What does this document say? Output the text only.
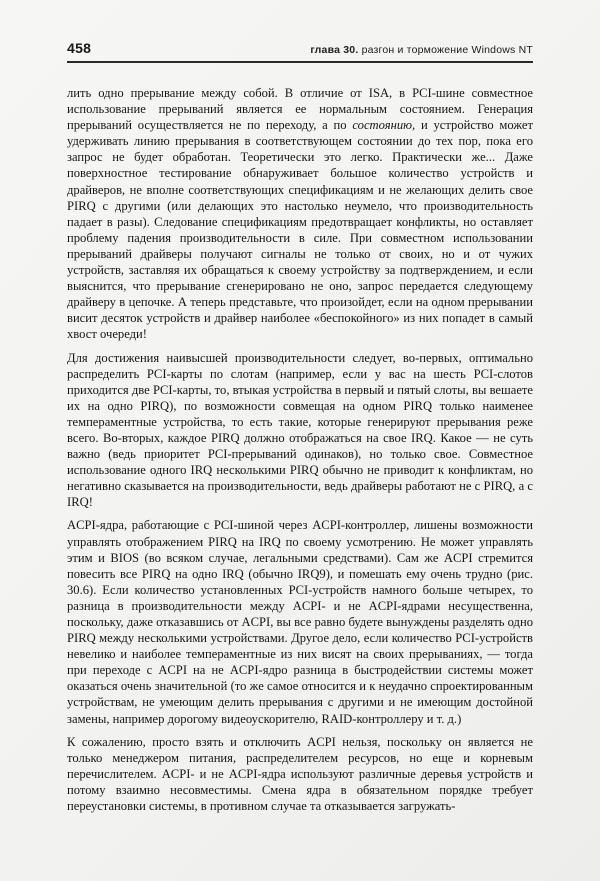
458	глава 30. разгон и торможение Windows NT

лить одно прерывание между собой. В отличие от ISA, в PCI-шине совместное использование прерываний является ее нормальным состоянием. Генерация прерываний осуществляется не по переходу, а по состоянию, и устройство может удерживать линию прерывания в соответствующем состоянии до тех пор, пока его запрос не будет обработан. Теоретически это легко. Практически же... Даже поверхностное тестирование обнаруживает большое количество устройств и драйверов, не вполне соответствующих спецификациям и не желающих делить свое PIRQ с другими (или делающих это настолько неумело, что производительность падает в разы). Следование спецификациям предотвращает конфликты, но оставляет проблему падения производительности в силе. При совместном использовании прерываний драйверы получают сигналы не только от своих, но и от чужих устройств, заставляя их обращаться к своему устройству за подтверждением, и если выяснится, что прерывание сгенерировано не оно, запрос передается следующему драйверу в цепочке. А теперь представьте, что произойдет, если на одном прерывании висит десяток устройств и драйвер наиболее «беспокойного» из них попадет в самый хвост очереди!

Для достижения наивысшей производительности следует, во-первых, оптимально распределить PCI-карты по слотам (например, если у вас на шесть PCI-слотов приходится две PCI-карты, то, втыкая устройства в первый и пятый слоты, вы вешаете их на одно PIRQ), по возможности совмещая на одном PIRQ только наименее темпераментные устройства, то есть такие, которые генерируют прерывания реже всего. Во-вторых, каждое PIRQ должно отображаться на свое IRQ. Какое — не суть важно (ведь приоритет PCI-прерываний одинаков), но только свое. Совместное использование одного IRQ несколькими PIRQ обычно не приводит к конфликтам, но негативно сказывается на производительности, ведь драйверы работают не с PIRQ, а с IRQ!

ACPI-ядра, работающие с PCI-шиной через ACPI-контроллер, лишены возможности управлять отображением PIRQ на IRQ по своему усмотрению. Не может управлять этим и BIOS (во всяком случае, легальными средствами). Сам же ACPI стремится повесить все PIRQ на одно IRQ (обычно IRQ9), и помешать ему очень трудно (рис. 30.6). Если количество установленных PCI-устройств намного больше четырех, то разница в производительности между ACPI- и не ACPI-ядрами несущественна, поскольку, даже отказавшись от ACPI, вы все равно будете вынуждены разделять одно PIRQ между несколькими устройствами. Другое дело, если количество PCI-устройств невелико и наиболее темпераментные из них висят на своих прерываниях, — тогда при переходе с ACPI на не ACPI-ядро разница в быстродействии системы может оказаться очень значительной (то же самое относится и к неудачно спроектированным устройствам, не умеющим делить прерывания с другими и не имеющим достойной замены, например дорогому видеоускорителю, RAID-контроллеру и т. д.)

К сожалению, просто взять и отключить ACPI нельзя, поскольку он является не только менеджером питания, распределителем ресурсов, но еще и корневым перечислителем. ACPI- и не ACPI-ядра используют различные деревья устройств и потому взаимно несовместимы. Смена ядра в обязательном порядке требует переустановки системы, в противном случае та отказывается загружать-
